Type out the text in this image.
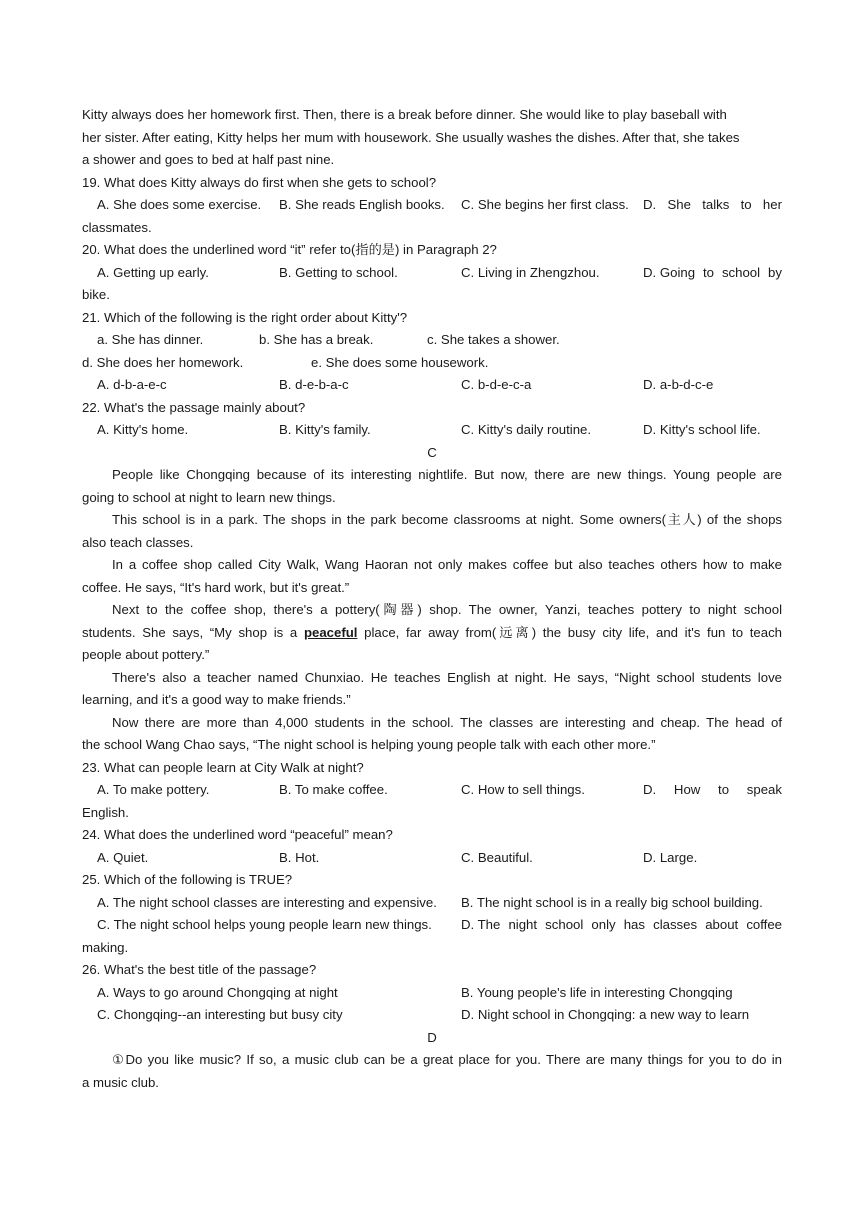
Kitty always does her homework first. Then, there is a break before dinner. She would like to play baseball with
her sister. After eating, Kitty helps her mum with housework. She usually washes the dishes. After that, she takes
a shower and goes to bed at half past nine.
19. What does Kitty always do first when she gets to school?
A. She does some exercise. B. She reads English books. C. She begins her first class. D. She talks to her
classmates.
20. What does the underlined word “it” refer to(指的是) in Paragraph 2?
A. Getting up early.	B. Getting to school.	C. Living in Zhengzhou.	D. Going to school by
bike.
21. Which of the following is the right order about Kitty'?
a. She has dinner.	b. She has a break.	c. She takes a shower.
d. She does her homework.	e. She does some housework.
A. d-b-a-e-c	B. d-e-b-a-c	C. b-d-e-c-a	D. a-b-d-c-e
22. What's the passage mainly about?
A. Kitty's home.	B. Kitty's family.	C. Kitty's daily routine.	D. Kitty's school life.
C
People like Chongqing because of its interesting nightlife. But now, there are new things. Young people are
going to school at night to learn new things.
This school is in a park. The shops in the park become classrooms at night. Some owners(主人) of the shops
also teach classes.
In a coffee shop called City Walk, Wang Haoran not only makes coffee but also teaches others how to make
coffee. He says, “It's hard work, but it's great.”
Next to the coffee shop, there's a pottery(陶器) shop. The owner, Yanzi, teaches pottery to night school
students. She says, “My shop is a peaceful place, far away from(远离) the busy city life, and it's fun to teach
people about pottery.”
There's also a teacher named Chunxiao. He teaches English at night. He says, “Night school students love
learning, and it's a good way to make friends.”
Now there are more than 4,000 students in the school. The classes are interesting and cheap. The head of
the school Wang Chao says, “The night school is helping young people talk with each other more.”
23. What can people learn at City Walk at night?
A. To make pottery.	B. To make coffee.	C. How to sell things.	D. How to speak
English.
24. What does the underlined word “peaceful” mean?
A. Quiet.	B. Hot.	C. Beautiful.	D. Large.
25. Which of the following is TRUE?
A. The night school classes are interesting and expensive. B. The night school is in a really big school building.
C. The night school helps young people learn new things. D. The night school only has classes about coffee
making.
26. What's the best title of the passage?
A. Ways to go around Chongqing at night	B. Young people's life in interesting Chongqing
C. Chongqing--an interesting but busy city	D. Night school in Chongqing: a new way to learn
D
①Do you like music? If so, a music club can be a great place for you. There are many things for you to do in
a music club.
